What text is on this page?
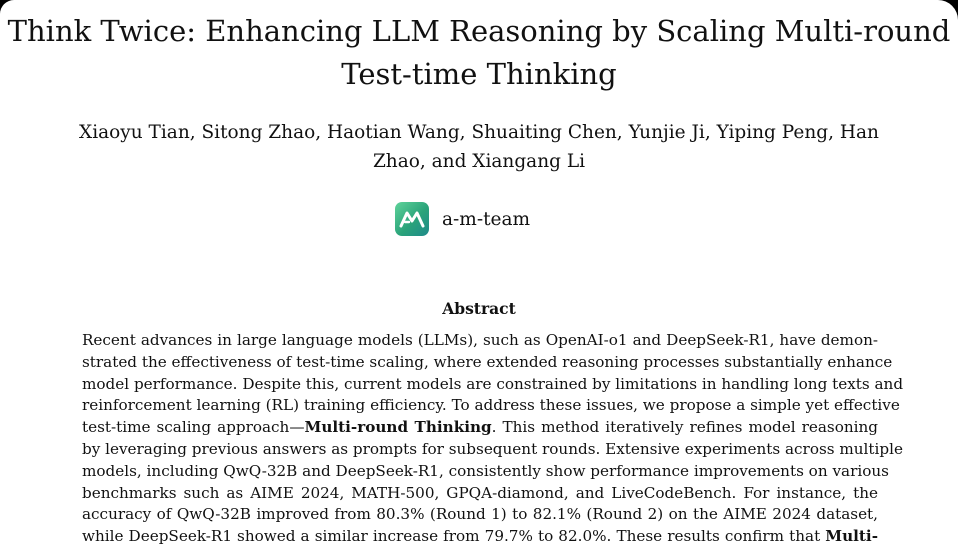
Think Twice: Enhancing LLM Reasoning by Scaling Multi-round
Test-time Thinking
Xiaoyu Tian, Sitong Zhao, Haotian Wang, Shuaiting Chen, Yunjie Ji, Yiping Peng, Han
Zhao, and Xiangang Li
a-m-team
Abstract
Recent advances in large language models (LLMs), such as OpenAI-o1 and DeepSeek-R1, have demon-
strated the effectiveness of test-time scaling, where extended reasoning processes substantially enhance
model performance. Despite this, current models are constrained by limitations in handling long texts and
reinforcement learning (RL) training efficiency. To address these issues, we propose a simple yet effective
test-time scaling approach—Multi-round Thinking. This method iteratively refines model reasoning
by leveraging previous answers as prompts for subsequent rounds. Extensive experiments across multiple
models, including QwQ-32B and DeepSeek-R1, consistently show performance improvements on various
benchmarks such as AIME 2024, MATH-500, GPQA-diamond, and LiveCodeBench. For instance, the
accuracy of QwQ-32B improved from 80.3% (Round 1) to 82.1% (Round 2) on the AIME 2024 dataset,
while DeepSeek-R1 showed a similar increase from 79.7% to 82.0%. These results confirm that Multi-
